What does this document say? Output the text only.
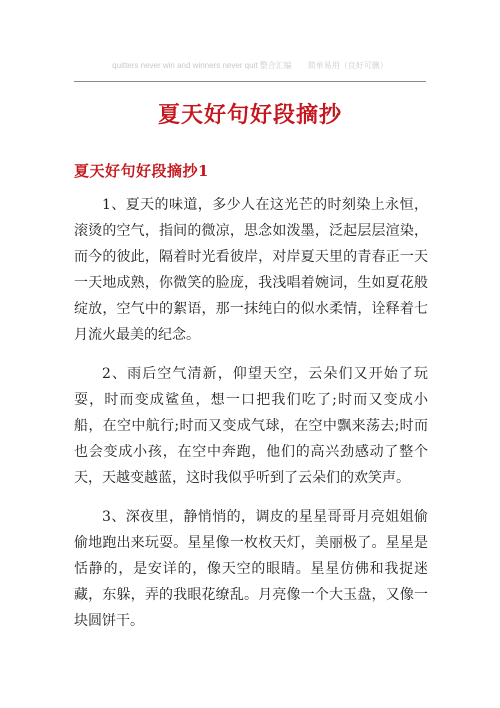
quitters never win and winners never quit 整合汇编　　简单易用（良好可删）
夏天好句好段摘抄
夏天好句好段摘抄1

1、夏天的味道，多少人在这光芒的时刻染上永恒，滚烫的空气，指间的微凉，思念如泼墨，泛起层层渲染，而今的彼此，隔着时光看彼岸，对岸夏天里的青春正一天一天地成熟，你微笑的脸庞，我浅唱着婉词，生如夏花般绽放，空气中的絮语，那一抹纯白的似水柔情，诠释着七月流火最美的纪念。

2、雨后空气清新，仰望天空，云朵们又开始了玩耍，时而变成鲨鱼，想一口把我们吃了;时而又变成小船，在空中航行;时而又变成气球，在空中飘来荡去;时而也会变成小孩，在空中奔跑，他们的高兴劲感动了整个天，天越变越蓝，这时我似乎听到了云朵们的欢笑声。

3、深夜里，静悄悄的，调皮的星星哥哥月亮姐姐偷偷地跑出来玩耍。星星像一枚枚天灯，美丽极了。星星是恬静的，是安详的，像天空的眼睛。星星仿佛和我捉迷藏，东躲，弄的我眼花缭乱。月亮像一个大玉盘，又像一块圆饼干。
